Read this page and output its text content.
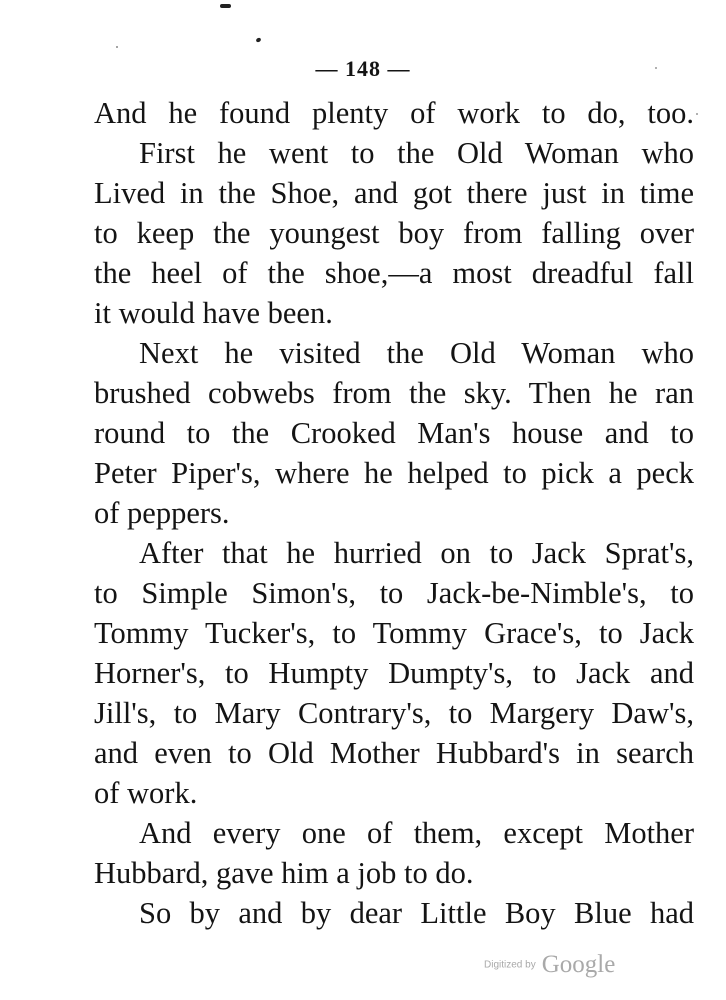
— 148 —
And he found plenty of work to do, too.
First he went to the Old Woman who
Lived in the Shoe, and got there just in time
to keep the youngest boy from falling over
the heel of the shoe,—a most dreadful fall
it would have been.
Next he visited the Old Woman who
brushed cobwebs from the sky. Then he ran
round to the Crooked Man's house and to
Peter Piper's, where he helped to pick a peck
of peppers.
After that he hurried on to Jack Sprat's,
to Simple Simon's, to Jack-be-Nimble's, to
Tommy Tucker's, to Tommy Grace's, to Jack
Horner's, to Humpty Dumpty's, to Jack and
Jill's, to Mary Contrary's, to Margery Daw's,
and even to Old Mother Hubbard's in search
of work.
And every one of them, except Mother
Hubbard, gave him a job to do.
So by and by dear Little Boy Blue had
Digitized by Google
